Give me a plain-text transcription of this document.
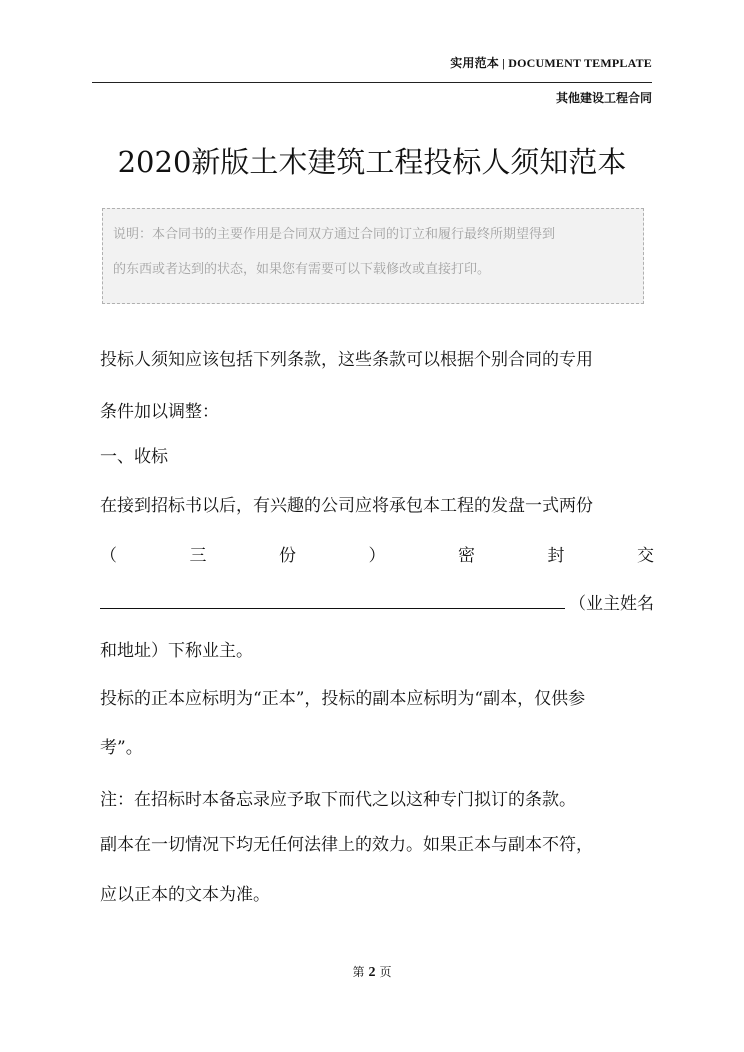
实用范本 | DOCUMENT TEMPLATE
其他建设工程合同
2020新版土木建筑工程投标人须知范本
说明：本合同书的主要作用是合同双方通过合同的订立和履行最终所期望得到
的东西或者达到的状态，如果您有需要可以下载修改或直接打印。
投标人须知应该包括下列条款，这些条款可以根据个别合同的专用
条件加以调整：
一、收标
在接到招标书以后，有兴趣的公司应将承包本工程的发盘一式两份
（	三	份	）	密	封	交
（业主姓名
和地址）下称业主。
投标的正本应标明为“正本”，投标的副本应标明为“副本，仅供参
考”。
注：在招标时本备忘录应予取下而代之以这种专门拟订的条款。
副本在一切情况下均无任何法律上的效力。如果正本与副本不符，
应以正本的文本为准。
第 2 页
